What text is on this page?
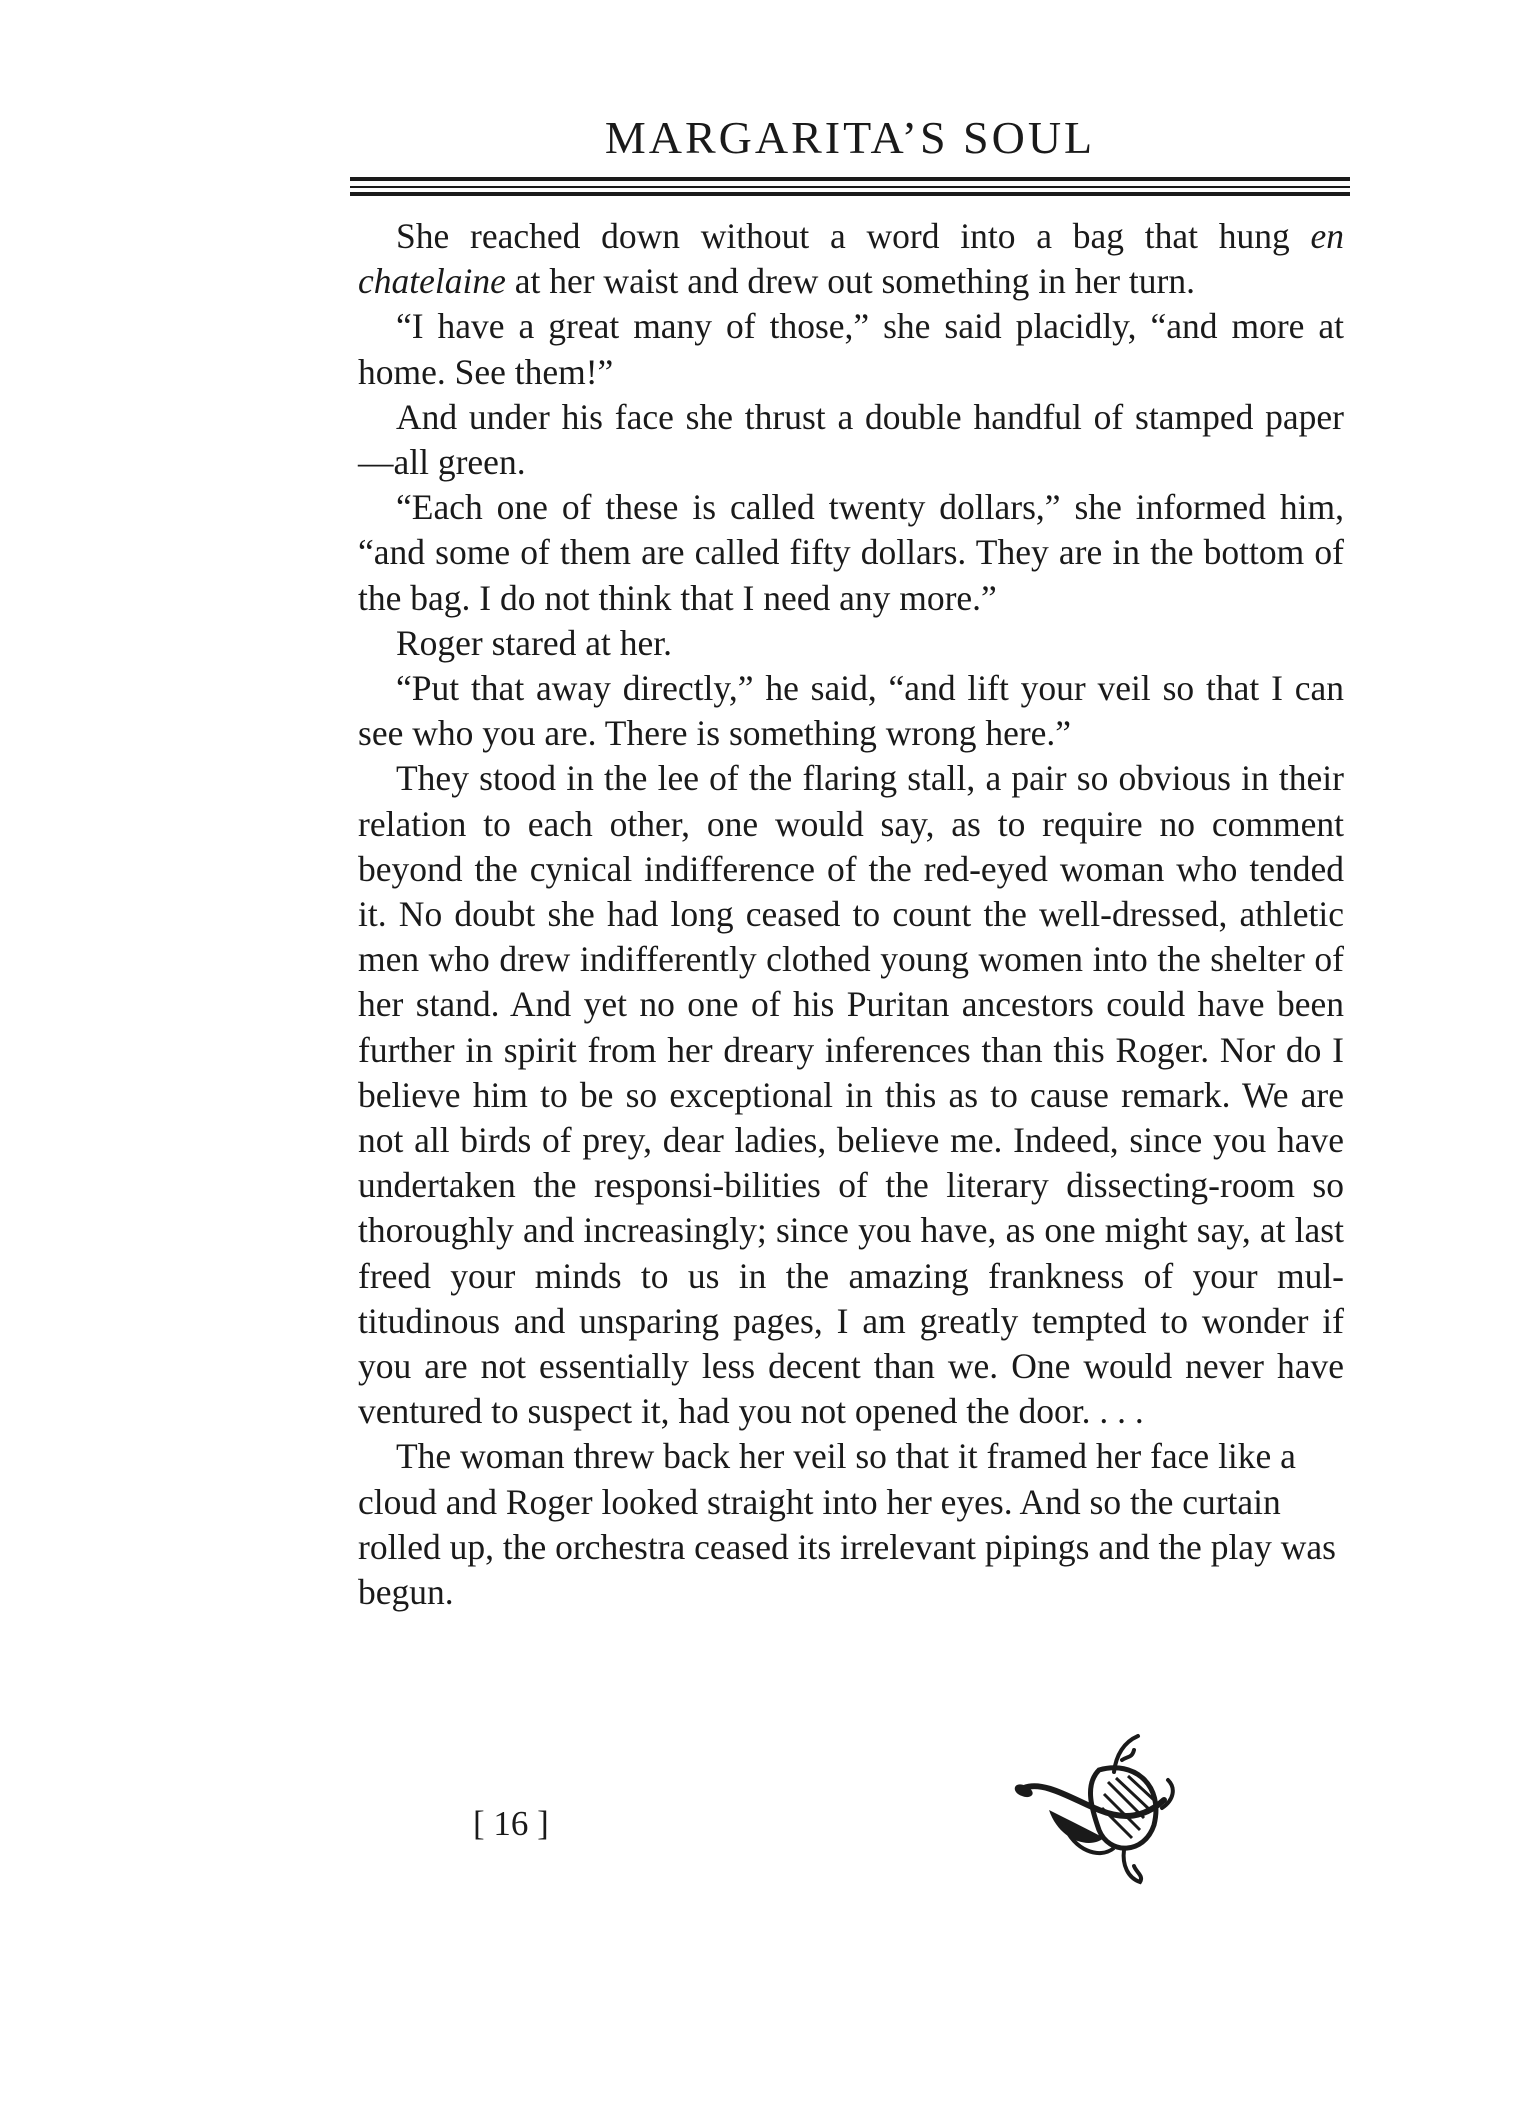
MARGARITA’S SOUL

She reached down without a word into a bag that hung en chatelaine at her waist and drew out something in her turn.

“I have a great many of those,” she said placidly, “and more at home. See them!”

And under his face she thrust a double handful of stamped paper—all green.

“Each one of these is called twenty dollars,” she informed him, “and some of them are called fifty dollars. They are in the bottom of the bag. I do not think that I need any more.”

Roger stared at her.

“Put that away directly,” he said, “and lift your veil so that I can see who you are. There is something wrong here.”

They stood in the lee of the flaring stall, a pair so obvious in their relation to each other, one would say, as to require no comment beyond the cynical indifference of the red-eyed woman who tended it. No doubt she had long ceased to count the well-dressed, athletic men who drew indifferently clothed young women into the shelter of her stand. And yet no one of his Puritan ancestors could have been further in spirit from her dreary inferences than this Roger. Nor do I believe him to be so exceptional in this as to cause remark. We are not all birds of prey, dear ladies, believe me. Indeed, since you have undertaken the responsi-bilities of the literary dissecting-room so thoroughly and increasingly; since you have, as one might say, at last freed your minds to us in the amazing frankness of your mul-titudinous and unsparing pages, I am greatly tempted to wonder if you are not essentially less decent than we. One would never have ventured to suspect it, had you not opened the door. . . .

The woman threw back her veil so that it framed her face like a cloud and Roger looked straight into her eyes. And so the curtain rolled up, the orchestra ceased its irrelevant pipings and the play was begun.

[ 16 ]
